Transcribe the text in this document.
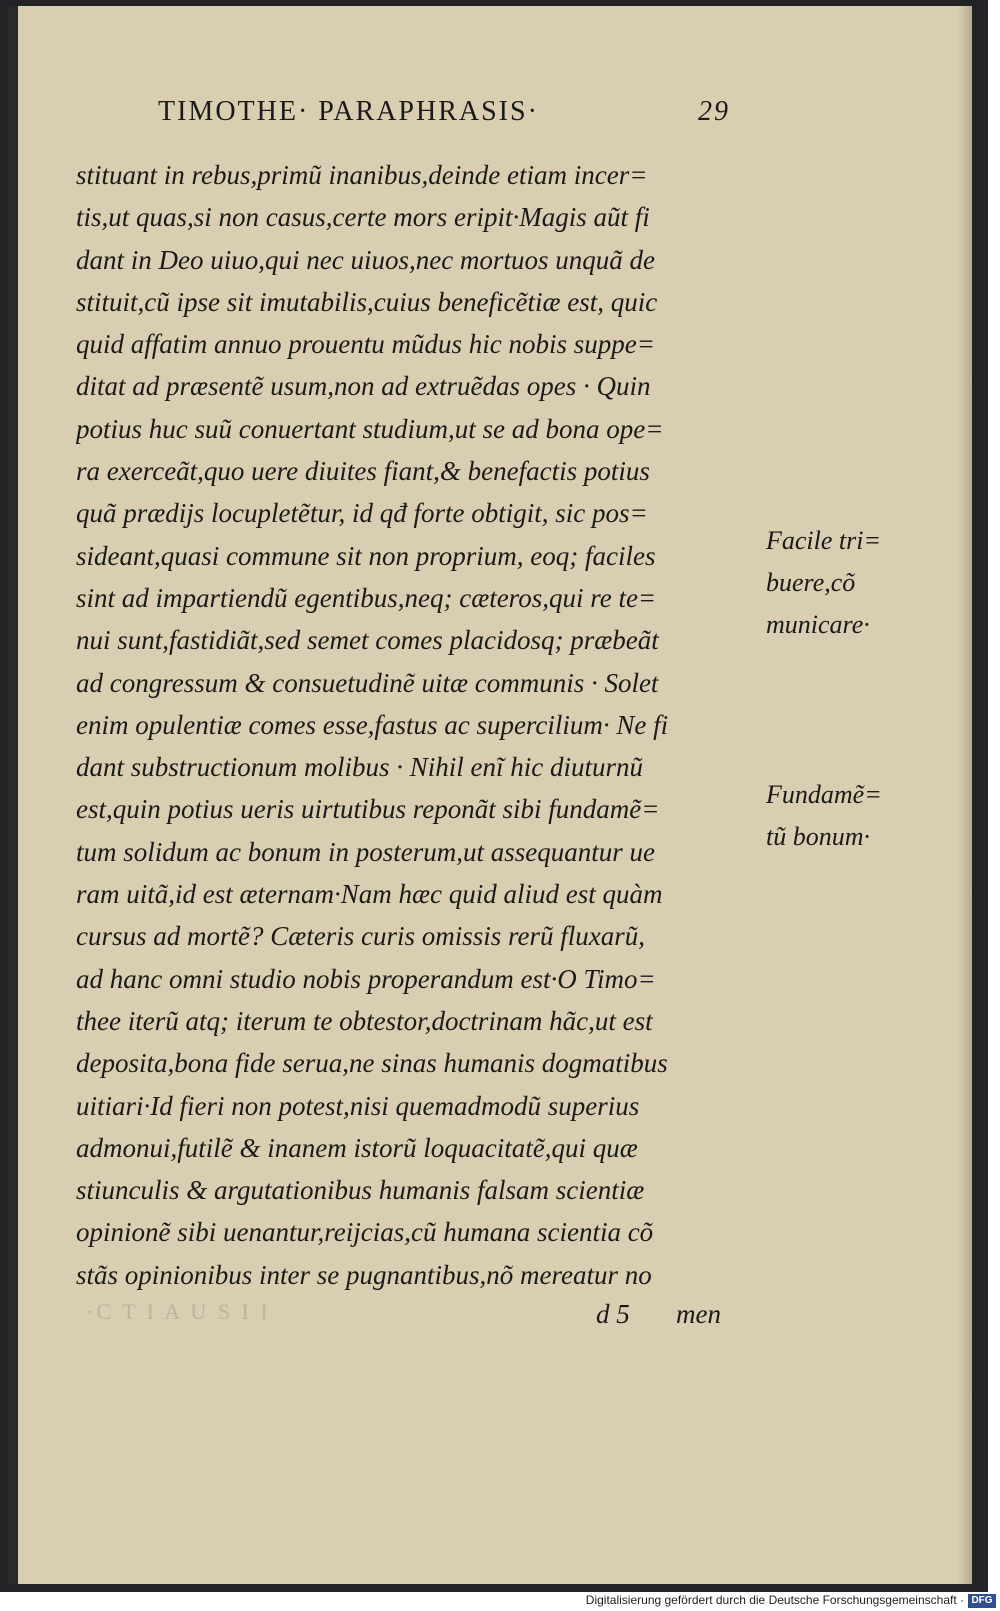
TIMOTHE· PARAPHRASIS·	29
stituant in rebus,primũ inanibus,deinde etiam incer=
tis,ut quas,si non casus,certe mors eripit·Magis aũt fi
dant in Deo uiuo,qui nec uiuos,nec mortuos unquã de
stituit,cũ ipse sit imutabilis,cuius beneficẽtiæ est, quic
quid affatim annuo prouentu mũdus hic nobis suppe=
ditat ad præsentẽ usum,non ad extruẽdas opes · Quin
potius huc suũ conuertant studium,ut se ad bona ope=
ra exerceãt,quo uere diuites fiant,& benefactis potius
quã prædijs locupletẽtur, id qđ forte obtigit, sic pos=
sideant,quasi commune sit non proprium, eoq; faciles
sint ad impartiendũ egentibus,neq; cæteros,qui re te=
nui sunt,fastidiãt,sed semet comes placidosq; præbeãt
ad congressum & consuetudinẽ uitæ communis · Solet
enim opulentiæ comes esse,fastus ac supercilium· Ne fi
dant substructionum molibus · Nihil enĩ hic diuturnũ
est,quin potius ueris uirtutibus reponãt sibi fundamẽ=
tum solidum ac bonum in posterum,ut assequantur ue
ram uitã,id est æternam·Nam hæc quid aliud est quàm
cursus ad mortẽ? Cæteris curis omissis rerũ fluxarũ,
ad hanc omni studio nobis properandum est·O Timo=
thee iterũ atq; iterum te obtestor,doctrinam hãc,ut est
deposita,bona fide serua,ne sinas humanis dogmatibus
uitiari·Id fieri non potest,nisi quemadmodũ superius
admonui,futilẽ & inanem istorũ loquacitatẽ,qui quæ
stiunculis & argutationibus humanis falsam scientiæ
opinionẽ sibi uenantur,reijcias,cũ humana scientia cõ
stãs opinionibus inter se pugnantibus,nõ mereatur no
Facile tri=
buere,cõ
municare·
Fundamẽ=
tũ bonum·
·C T I A U S I I	d 5 men
Digitalisierung gefördert durch die Deutsche Forschungsgemeinschaft · DFG
